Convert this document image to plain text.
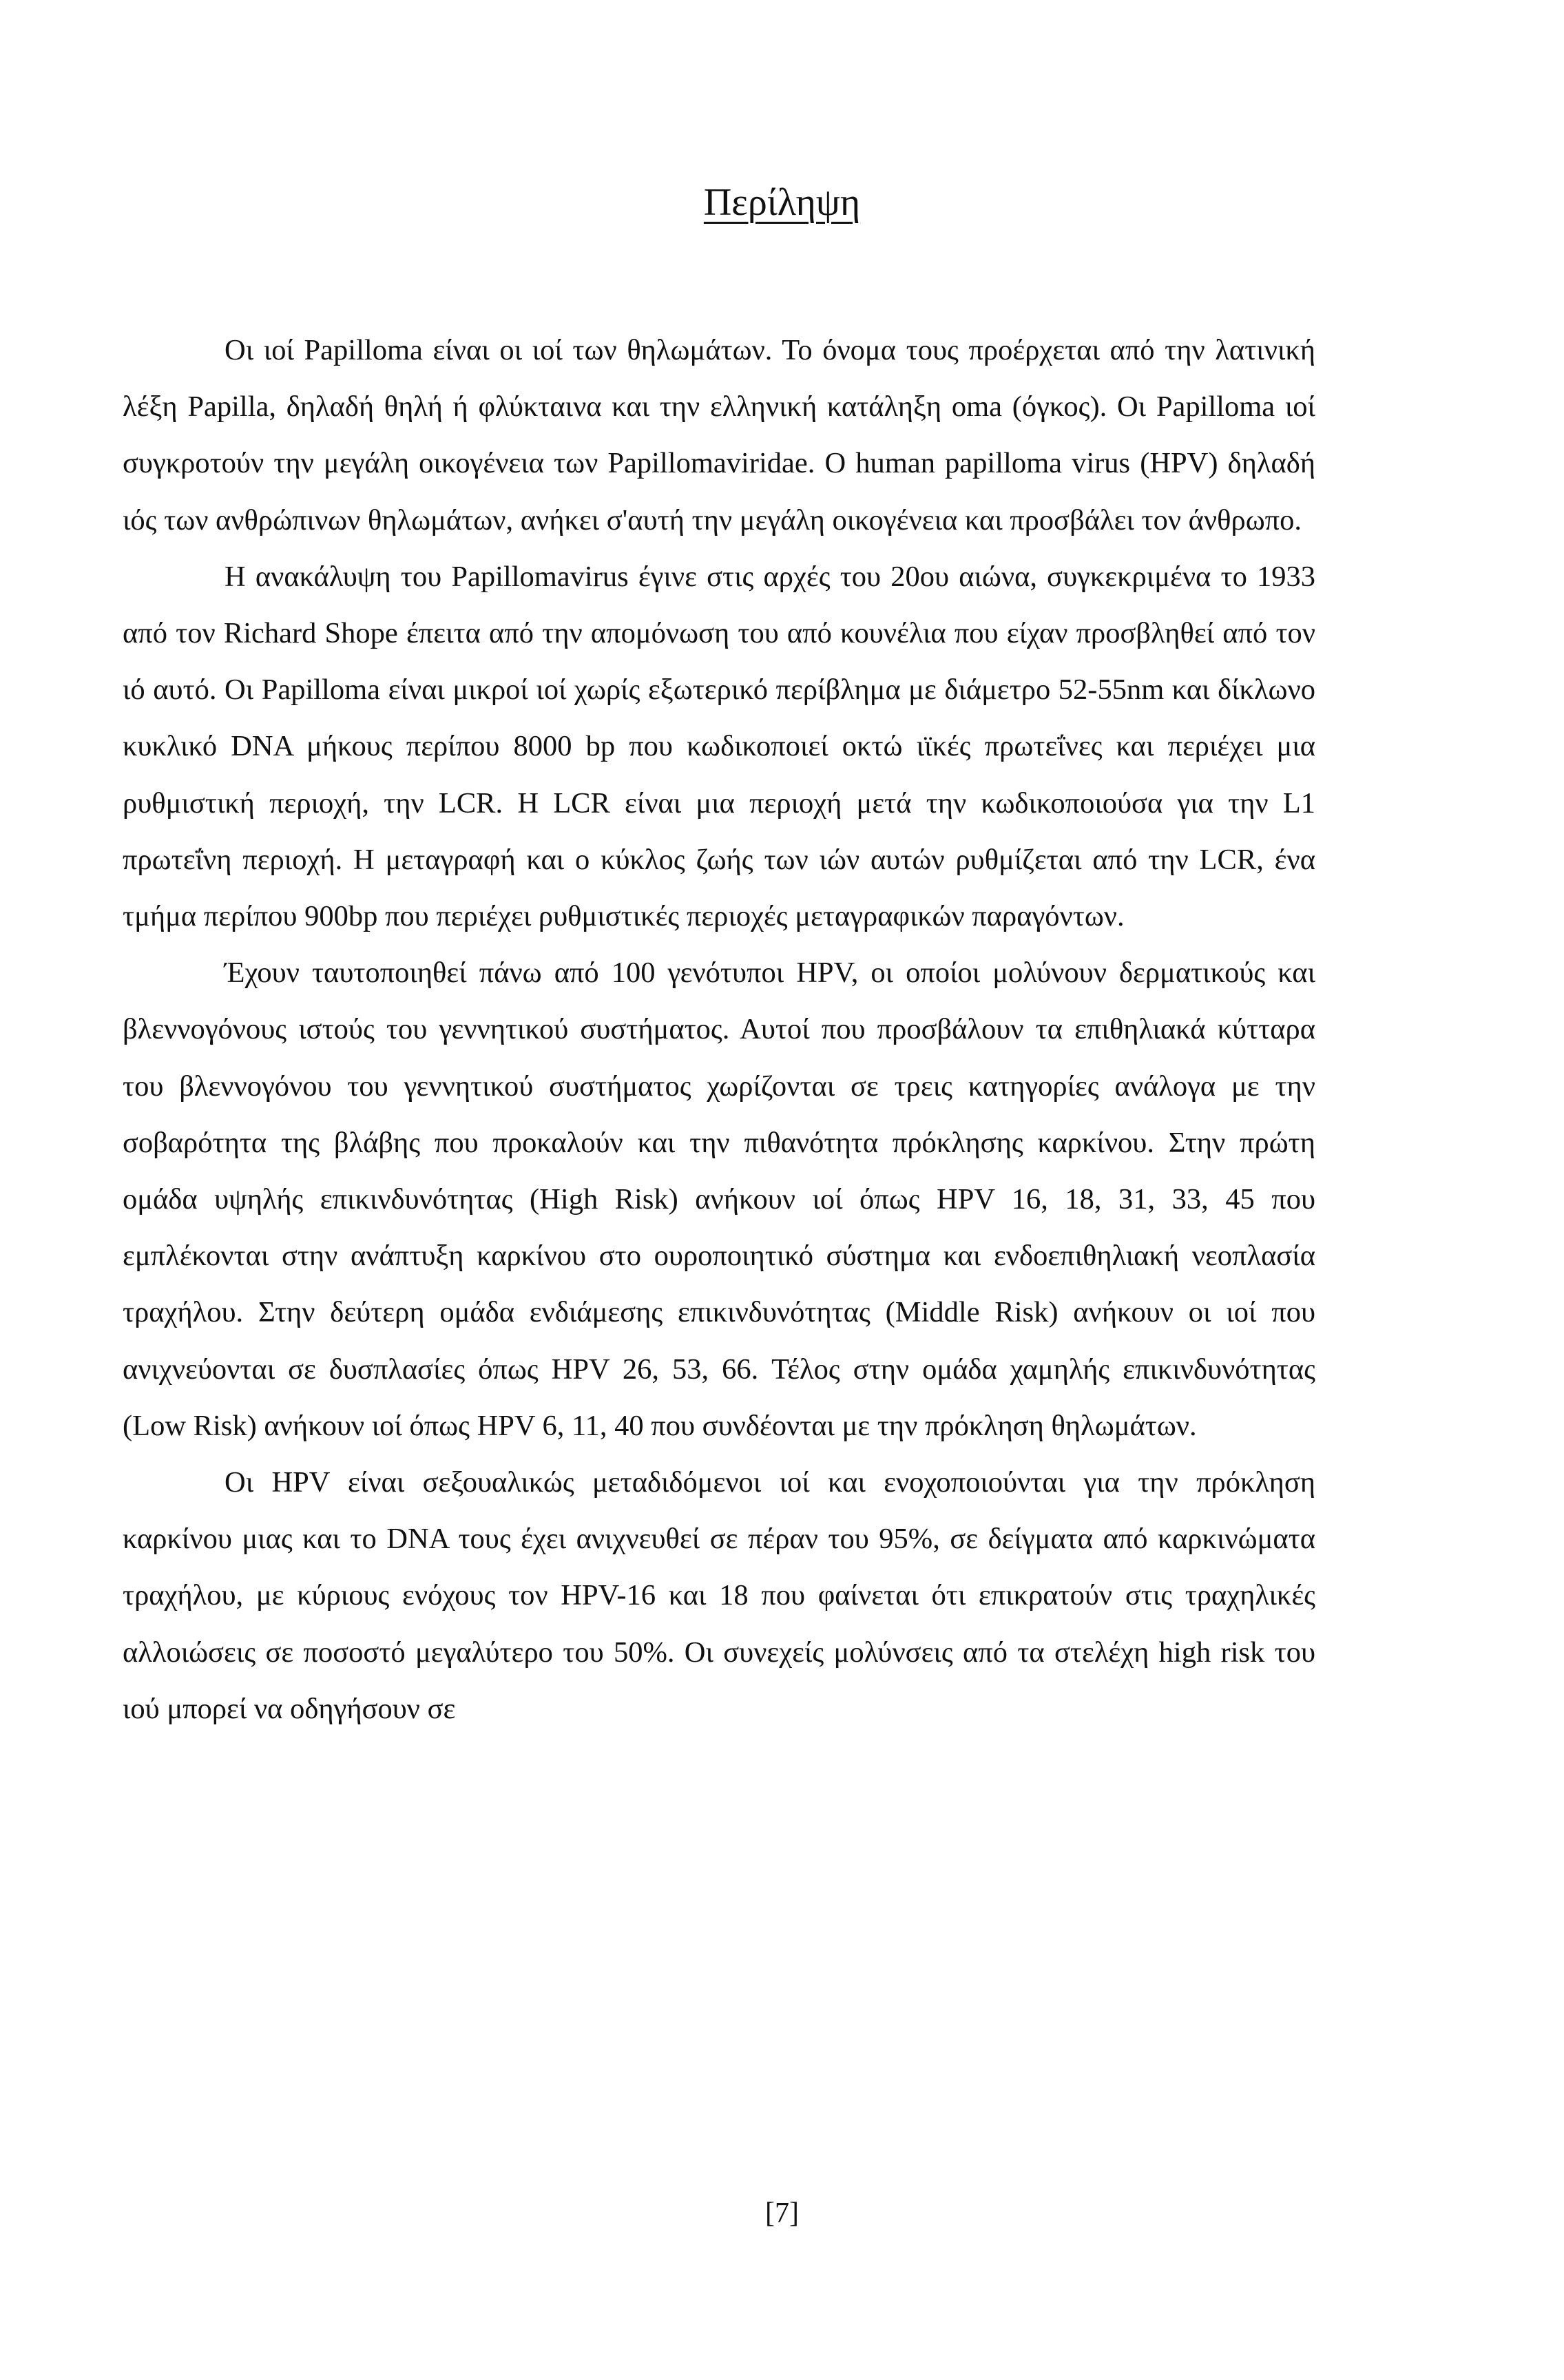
Περίληψη

Οι ιοί Papilloma είναι οι ιοί των θηλωμάτων. Το όνομα τους προέρχεται από την λατινική λέξη Papilla, δηλαδή θηλή ή φλύκταινα και την ελληνική κατάληξη oma (όγκος). Οι Papilloma ιοί συγκροτούν την μεγάλη οικογένεια των Papillomaviridae. Ο human papilloma virus (HPV) δηλαδή ιός των ανθρώπινων θηλωμάτων, ανήκει σ'αυτή την μεγάλη οικογένεια και προσβάλει τον άνθρωπο.

Η ανακάλυψη του Papillomavirus έγινε στις αρχές του 20ου αιώνα, συγκεκριμένα το 1933 από τον Richard Shope έπειτα από την απομόνωση του από κουνέλια που είχαν προσβληθεί από τον ιό αυτό. Οι Papilloma είναι μικροί ιοί χωρίς εξωτερικό περίβλημα με διάμετρο 52-55nm και δίκλωνο κυκλικό DNA μήκους περίπου 8000 bp που κωδικοποιεί οκτώ ιϊκές πρωτεΐνες και περιέχει μια ρυθμιστική περιοχή, την LCR. Η LCR είναι μια περιοχή μετά την κωδικοποιούσα για την L1 πρωτεΐνη περιοχή. Η μεταγραφή και ο κύκλος ζωής των ιών αυτών ρυθμίζεται από την LCR, ένα τμήμα περίπου 900bp που περιέχει ρυθμιστικές περιοχές μεταγραφικών παραγόντων.

Έχουν ταυτοποιηθεί πάνω από 100 γενότυποι HPV, οι οποίοι μολύνουν δερματικούς και βλεννογόνους ιστούς του γεννητικού συστήματος. Αυτοί που προσβάλουν τα επιθηλιακά κύτταρα του βλεννογόνου του γεννητικού συστήματος χωρίζονται σε τρεις κατηγορίες ανάλογα με την σοβαρότητα της βλάβης που προκαλούν και την πιθανότητα πρόκλησης καρκίνου. Στην πρώτη ομάδα υψηλής επικινδυνότητας (High Risk) ανήκουν ιοί όπως HPV 16, 18, 31, 33, 45 που εμπλέκονται στην ανάπτυξη καρκίνου στο ουροποιητικό σύστημα και ενδοεπιθηλιακή νεοπλασία τραχήλου. Στην δεύτερη ομάδα ενδιάμεσης επικινδυνότητας (Middle Risk) ανήκουν οι ιοί που ανιχνεύονται σε δυσπλασίες όπως HPV 26, 53, 66. Τέλος στην ομάδα χαμηλής επικινδυνότητας (Low Risk) ανήκουν ιοί όπως HPV 6, 11, 40 που συνδέονται με την πρόκληση θηλωμάτων.

Οι HPV είναι σεξουαλικώς μεταδιδόμενοι ιοί και ενοχοποιούνται για την πρόκληση καρκίνου μιας και το DNA τους έχει ανιχνευθεί σε πέραν του 95%, σε δείγματα από καρκινώματα τραχήλου, με κύριους ενόχους τον HPV-16 και 18 που φαίνεται ότι επικρατούν στις τραχηλικές αλλοιώσεις σε ποσοστό μεγαλύτερο του 50%. Οι συνεχείς μολύνσεις από τα στελέχη high risk του ιού μπορεί να οδηγήσουν σε

[7]
